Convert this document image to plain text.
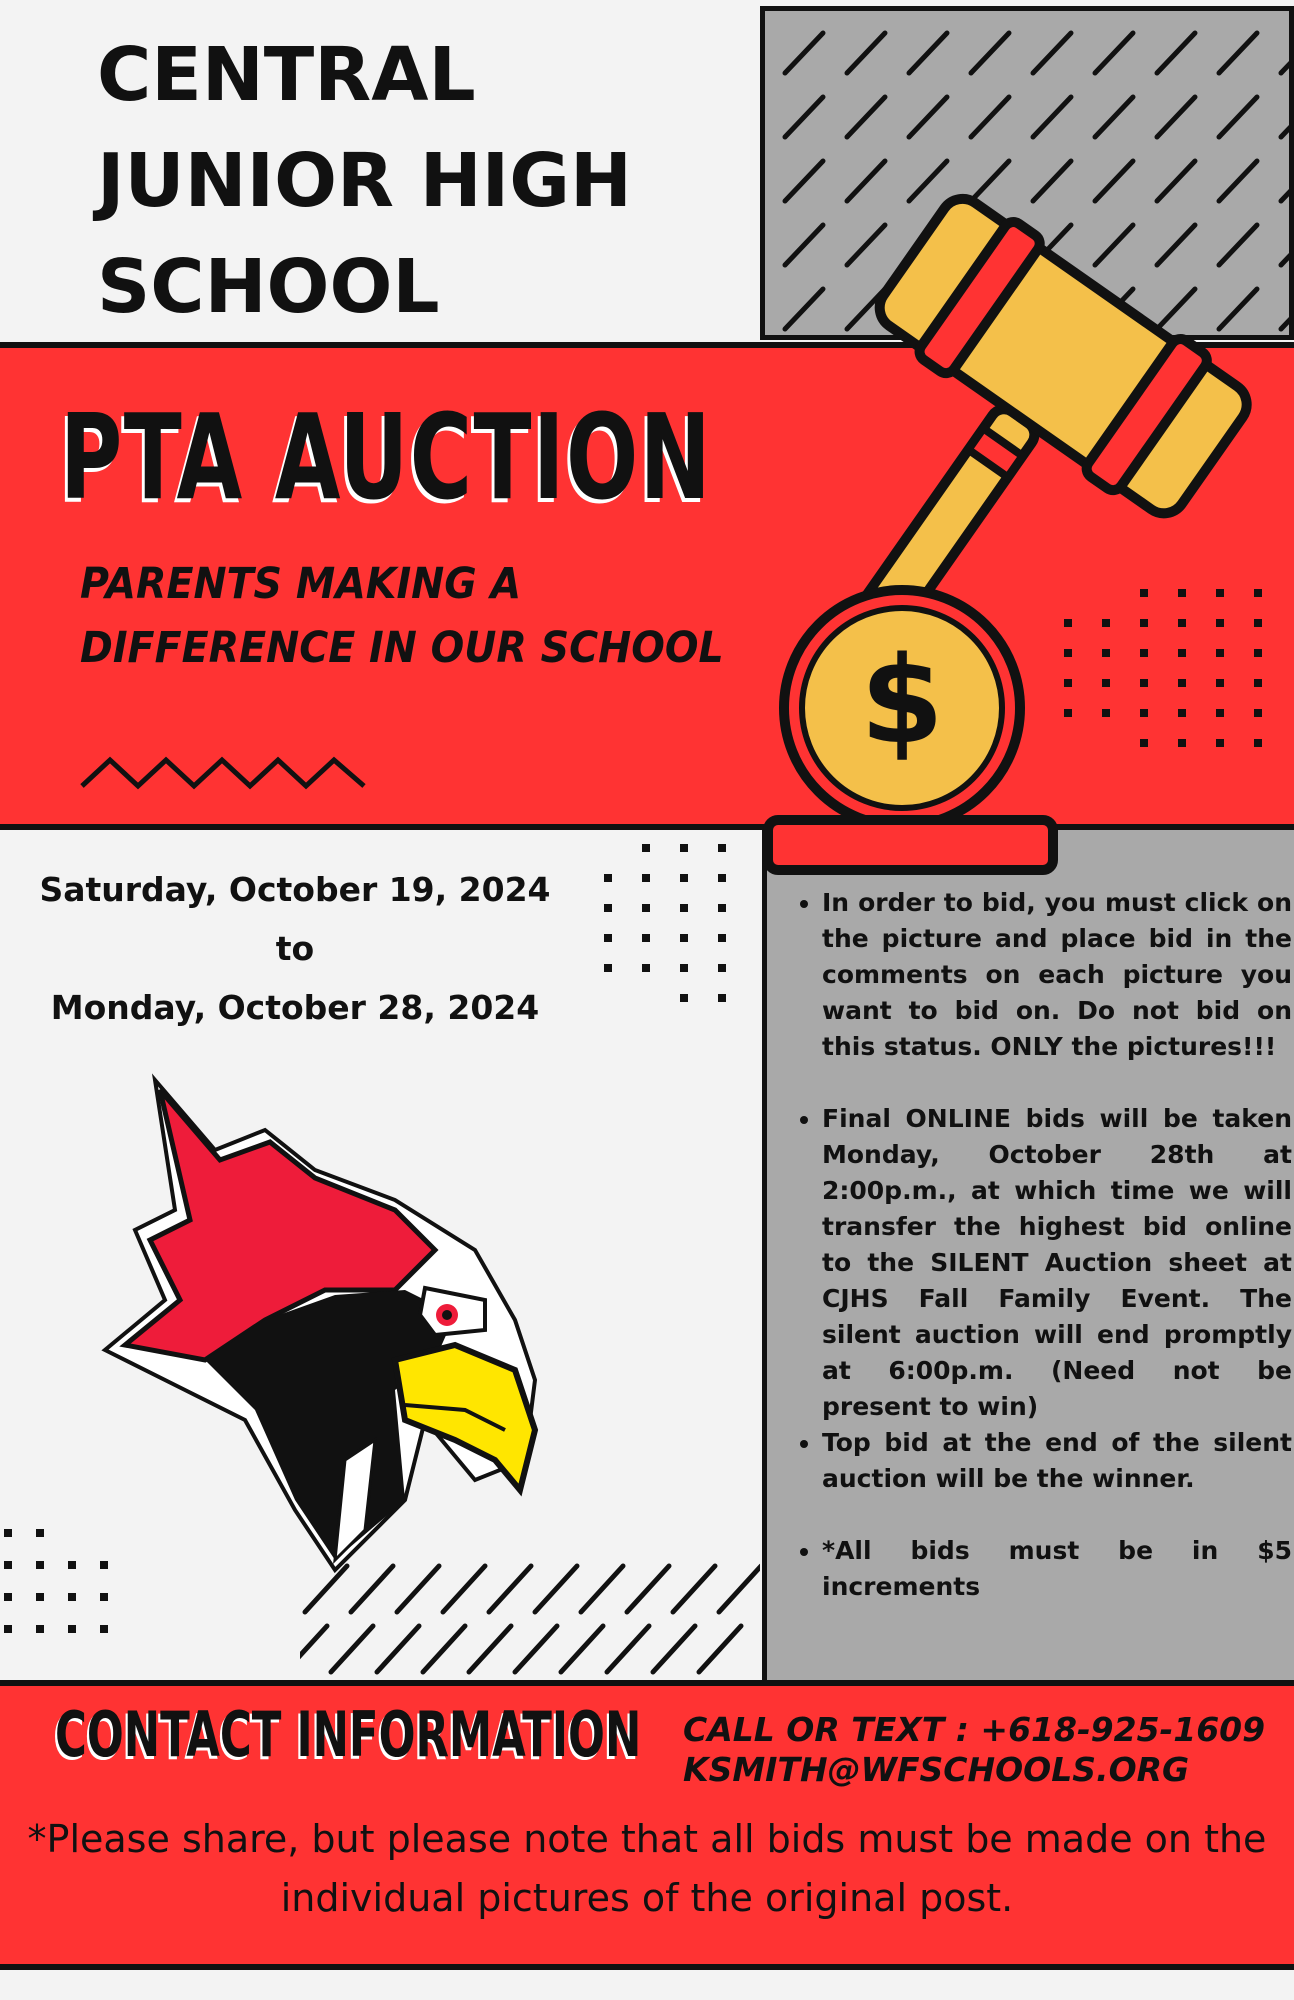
CENTRAL
JUNIOR HIGH
SCHOOL
PTA AUCTION
PARENTS MAKING A
DIFFERENCE IN OUR SCHOOL $
Saturday, October 19, 2024
to
Monday, October 28, 2024
• In order to bid, you must click on the picture and place bid in the comments on each picture you want to bid on. Do not bid on this status. ONLY the pictures!!!
• Final ONLINE bids will be taken Monday, October 28th at 2:00p.m., at which time we will transfer the highest bid online to the SILENT Auction sheet at CJHS Fall Family Event. The silent auction will end promptly at 6:00p.m. (Need not be present to win)
• Top bid at the end of the silent auction will be the winner.
• *All bids must be in $5 increments
CONTACT INFORMATION CALL OR TEXT : +618-925-1609
KSMITH@WFSCHOOLS.ORG
*Please share, but please note that all bids must be made on the individual pictures of the original post.
